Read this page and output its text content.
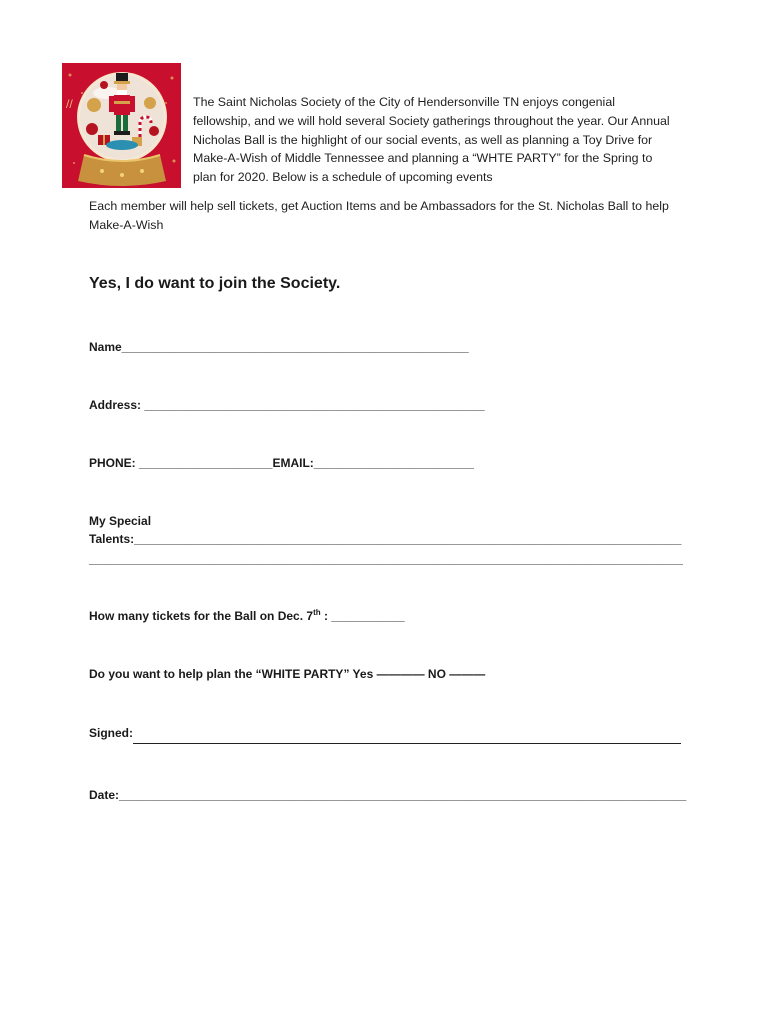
//	The Saint Nicholas Society of the City of Hendersonville TN enjoys congenial fellowship, and we will hold several Society gatherings throughout the year. Our Annual Nicholas Ball is the highlight of our social events, as well as planning a Toy Drive for Make-A-Wish of Middle Tennessee and planning a “WHTE PARTY” for the Spring to plan for 2020. Below is a schedule of upcoming events

Each member will help sell tickets, get Auction Items and be Ambassadors for the St. Nicholas Ball to help Make-A-Wish

Yes, I do want to join the Society.

Name____________________________________________________

Address: ___________________________________________________

PHONE: ____________________EMAIL:________________________

My Special

Talents:__________________________________________________________________________________

_________________________________________________________________________________________

How many tickets for the Ball on Dec. 7th : ___________

Do you want to help plan the “WHITE PARTY” Yes ———— NO ———

Signed:

Date:_____________________________________________________________________________________
